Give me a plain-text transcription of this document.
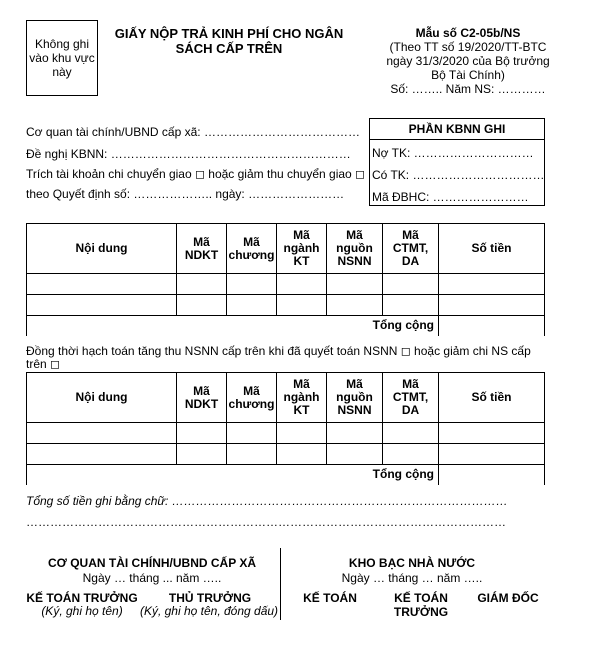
Không ghi vào khu vực này
GIẤY NỘP TRẢ KINH PHÍ CHO NGÂN SÁCH CẤP TRÊN
Mẫu số C2-05b/NS
(Theo TT số 19/2020/TT-BTC
ngày 31/3/2020 của Bộ trưởng
Bộ Tài Chính)
Số: …….. Năm NS: …………
Cơ quan tài chính/UBND cấp xã: …………………………………
Đề nghị KBNN: ……………………………………………………
Trích tài khoản chi chuyển giao ◻ hoặc giảm thu chuyển giao ◻
theo Quyết định số: ……………….. ngày: ……………………
PHẦN KBNN GHI
Nợ TK: …………………………
Có TK: ……………………………
Mã ĐBHC: ……………………
Nội dung	Mã NDKT	Mã chương	Mã ngành KT	Mã nguồn NSNN	Mã CTMT, DA	Số tiền

Tổng cộng						
Đồng thời hạch toán tăng thu NSNN cấp trên khi đã quyết toán NSNN ◻ hoặc giảm chi NS cấp trên ◻
Nội dung	Mã NDKT	Mã chương	Mã ngành KT	Mã nguồn NSNN	Mã CTMT, DA	Số tiền

Tổng cộng						
Tổng số tiền ghi bằng chữ: …………………………………………………………………………
…………………………………………………………………………………………………………
CƠ QUAN TÀI CHÍNH/UBND CẤP XÃ
Ngày … tháng ... năm …..
KẾ TOÁN TRƯỞNG
(Ký, ghi họ tên)
THỦ TRƯỞNG
(Ký, ghi họ tên, đóng dấu)
KHO BẠC NHÀ NƯỚC
Ngày … tháng … năm …..
KẾ TOÁN	KẾ TOÁN TRƯỞNG
GIÁM ĐỐC
